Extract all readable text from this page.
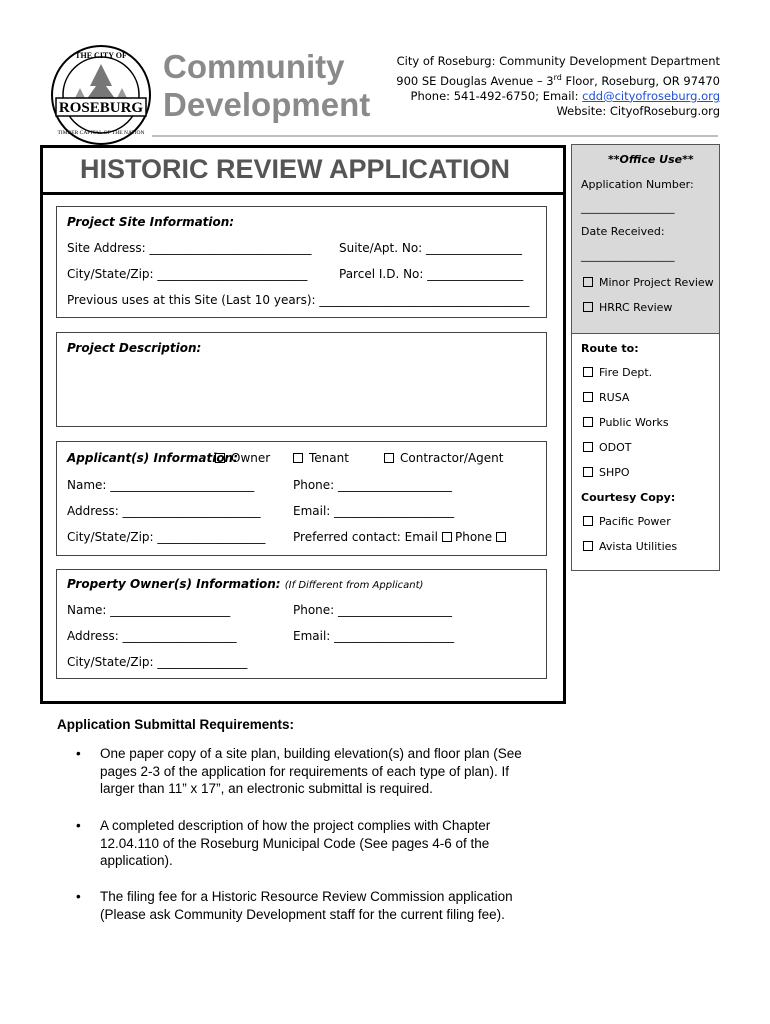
ROSEBURG
THE CITY OF
TIMBER CAPITAL OF THE NATION
Community
Development
City of Roseburg: Community Development Department
900 SE Douglas Avenue – 3rd Floor, Roseburg, OR 97470
Phone: 541-492-6750; Email: cdd@cityofroseburg.org
Website: CityofRoseburg.org
HISTORIC REVIEW APPLICATION
Project Site Information:
Site Address: ___________________________ Suite/Apt. No: ________________
City/State/Zip: _________________________	Parcel I.D. No: ________________
Previous uses at this Site (Last 10 years): ___________________________________
Project Description:
Applicant(s) Information:
Owner	Tenant	Contractor/Agent
Name: ________________________	Phone: ___________________
Address: _______________________	Email: ____________________
City/State/Zip: __________________ Preferred contact: Email	Phone
Property Owner(s) Information: (If Different from Applicant)
Name: ____________________	Phone: ___________________
Address: ___________________	Email: ____________________
City/State/Zip: _______________
**Office Use**
Application Number:
_________________
Date Received:
_________________
Minor Project Review
HRRC Review
Route to:
Fire Dept.
RUSA
Public Works
ODOT
SHPO
Courtesy Copy:
Pacific Power
Avista Utilities
Application Submittal Requirements:
• One paper copy of a site plan, building elevation(s) and floor plan (See pages 2-3 of the application for requirements of each type of plan). If larger than 11” x 17”, an electronic submittal is required.
• A completed description of how the project complies with Chapter 12.04.110 of the Roseburg Municipal Code (See pages 4-6 of the application).
• The filing fee for a Historic Resource Review Commission application (Please ask Community Development staff for the current filing fee).
